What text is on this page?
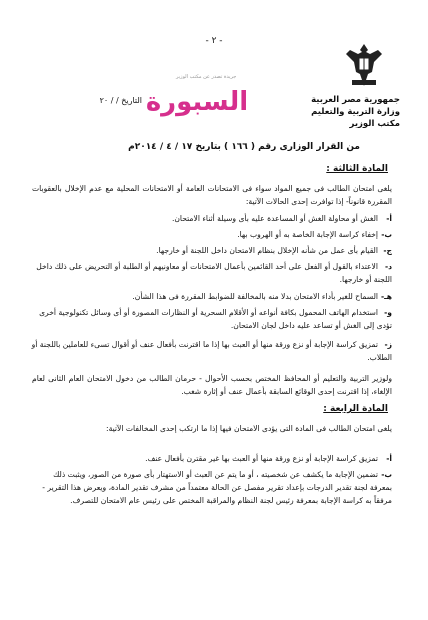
- ٢ -
التاريخ / / ٢٠ السبورة
جريدة تصدر عن مكتب الوزير
جمهورية مصر العربية
وزارة التربية والتعليم
مكتب الوزير
من القرار الوزارى رقم ( ١٦٦ ) بتاريخ ١٧ / ٤ / ٢٠١٤م
المادة الثالثة :
يلغى امتحان الطالب فى جميع المواد سواء فى الامتحانات العامة أو الامتحانات المحلية مع عدم الإخلال بالعقوبات المقررة قانوناً- إذا توافرت إحدى الحالات الآتية:
أ-الغش أو محاولة الغش أو المساعدة عليه بأى وسيلة أثناء الامتحان.
ب-إخفاء كراسة الإجابة الخاصة به أو الهروب بها.
ج-القيام بأى عمل من شأنه الإخلال بنظام الامتحان داخل اللجنة أو خارجها.
د-الاعتداء بالقول أو الفعل على أحد القائمين بأعمال الامتحانات أو معاونيهم أو الطلبة أو التحريض على ذلك داخل اللجنة أو خارجها.
هـ-السماح للغير بأداء الامتحان بدلا منه بالمخالفة للضوابط المقررة فى هذا الشأن.
و-استخدام الهاتف المحمول بكافة أنواعه أو الأقلام السحرية أو النظارات المصورة أو أى وسائل تكنولوجية أخرى تؤدى إلى الغش أو تساعد عليه داخل لجان الامتحان.
ز-تمزيق كراسة الإجابة أو نزع ورقة منها أو العبث بها إذا ما اقترنت بأفعال عنف أو أقوال تسىء للعاملين باللجنة أو الطلاب.
ولوزير التربية والتعليم أو المحافظ المختص بحسب الأحوال - حرمان الطالب من دخول الامتحان العام الثانى لعام الإلغاء، إذا اقترنت إحدى الوقائع السابقة بأعمال عنف أو إثارة شغب.
المادة الرابعة :
يلغى امتحان الطالب فى المادة التى يؤدى الامتحان فيها إذا ما ارتكب إحدى المخالفات الآتية:
أ-تمزيق كراسة الإجابة أو نزع ورقة منها أو العبث بها غير مقترن بأفعال عنف.
ب-تضمين الإجابة ما يكشف عن شخصيته ، أو ما يتم عن العبث أو الاستهتار بأى صورة من الصور، ويثبت ذلك بمعرفة لجنة تقدير الدرجات بإعداد تقرير مفصل عن الحالة معتمداً من مشرف تقدير المادة، ويعرض هذا التقرير - مرفقاً به كراسة الإجابة بمعرفة رئيس لجنة النظام والمراقبة المختص على رئيس عام الامتحان للتصرف.
